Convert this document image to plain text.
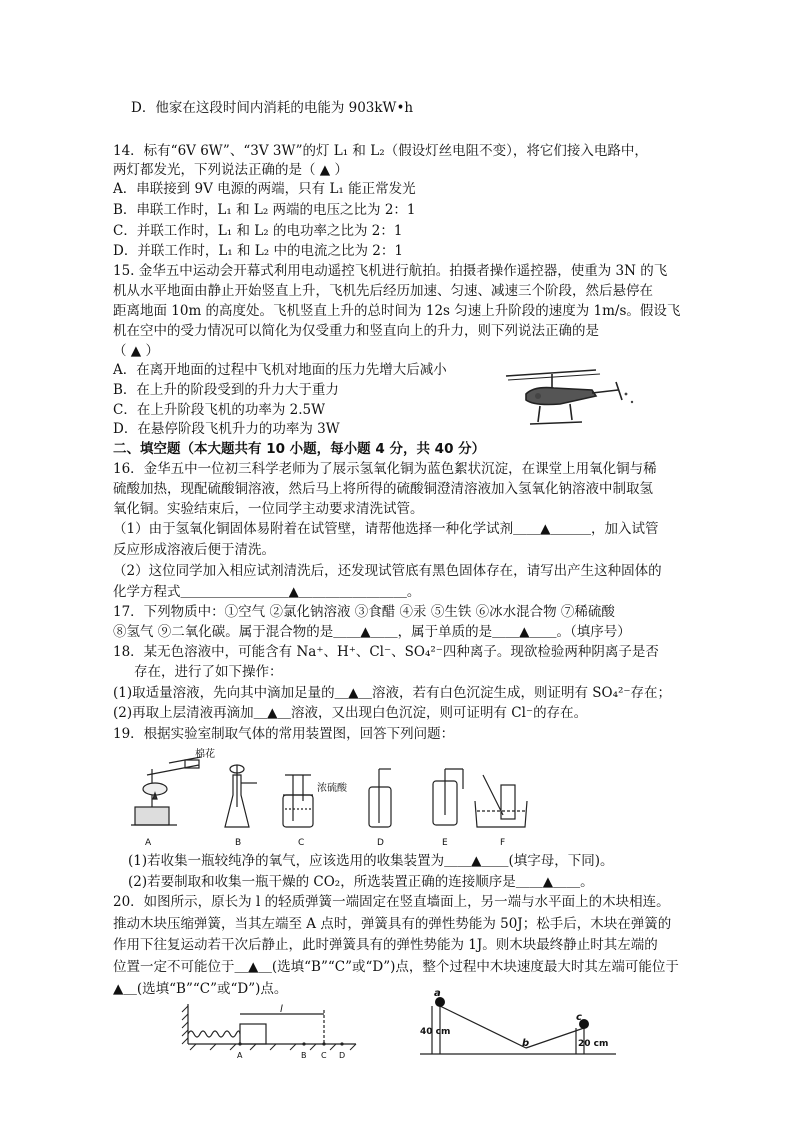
D．他家在这段时间内消耗的电能为 903kW•h
14．标有“6V 6W”、“3V 3W”的灯 L₁ 和 L₂（假设灯丝电阻不变），将它们接入电路中，
两灯都发光，下列说法正确的是（ ▲ ）
A．串联接到 9V 电源的两端，只有 L₁ 能正常发光
B．串联工作时，L₁ 和 L₂ 两端的电压之比为 2：1
C．并联工作时，L₁ 和 L₂ 的电功率之比为 2：1
D．并联工作时，L₁ 和 L₂ 中的电流之比为 2：1
15. 金华五中运动会开幕式利用电动遥控飞机进行航拍。拍摄者操作遥控器，使重为 3N 的飞
机从水平地面由静止开始竖直上升，飞机先后经历加速、匀速、减速三个阶段，然后悬停在
距离地面 10m 的高度处。飞机竖直上升的总时间为 12s 匀速上升阶段的速度为 1m/s。假设飞
机在空中的受力情况可以简化为仅受重力和竖直向上的升力，则下列说法正确的是
（ ▲ ）
A．在离开地面的过程中飞机对地面的压力先增大后减小
B．在上升的阶段受到的升力大于重力
C．在上升阶段飞机的功率为 2.5W
D．在悬停阶段飞机升力的功率为 3W
二、填空题（本大题共有 10 小题，每小题 4 分，共 40 分）
16．金华五中一位初三科学老师为了展示氢氧化铜为蓝色絮状沉淀，在课堂上用氧化铜与稀
硫酸加热，现配硫酸铜溶液，然后马上将所得的硫酸铜澄清溶液加入氢氧化钠溶液中制取氢
氧化铜。实验结束后，一位同学主动要求清洗试管。
（1）由于氢氧化铜固体易附着在试管壁，请帮他选择一种化学试剂＿＿▲＿＿＿，加入试管
反应形成溶液后便于清洗。
（2）这位同学加入相应试剂清洗后，还发现试管底有黑色固体存在，请写出产生这种固体的
化学方程式＿＿＿＿＿＿＿＿▲＿＿＿＿＿＿＿＿。
17．下列物质中：①空气 ②氯化钠溶液 ③食醋 ④汞 ⑤生铁 ⑥冰水混合物 ⑦稀硫酸
⑧氢气 ⑨二氧化碳。属于混合物的是＿＿▲＿＿，属于单质的是＿＿▲＿＿。（填序号）
18．某无色溶液中，可能含有 Na⁺、H⁺、Cl⁻、SO₄²⁻四种离子。现欲检验两种阴离子是否
存在，进行了如下操作：
(1)取适量溶液，先向其中滴加足量的＿▲＿溶液，若有白色沉淀生成，则证明有 SO₄²⁻存在；
(2)再取上层清液再滴加＿▲＿溶液，又出现白色沉淀，则可证明有 Cl⁻的存在。
19．根据实验室制取气体的常用装置图，回答下列问题：
(1)若收集一瓶较纯净的氧气，应该选用的收集装置为＿＿▲＿＿(填字母，下同)。
(2)若要制取和收集一瓶干燥的 CO₂，所选装置正确的连接顺序是＿＿▲＿＿。
20．如图所示，原长为 l 的轻质弹簧一端固定在竖直墙面上，另一端与水平面上的木块相连。
推动木块压缩弹簧，当其左端至 A 点时，弹簧具有的弹性势能为 50J；松手后，木块在弹簧的
作用下往复运动若干次后静止，此时弹簧具有的弹性势能为 1J。则木块最终静止时其左端的
位置一定不可能位于＿▲＿(选填“B”“C”或“D”)点，整个过程中木块速度最大时其左端可能位于
▲＿(选填“B”“C”或“D”)点。
棉花
浓硫酸
A	B	C	D	E	F
l
A	B C D
a
b
c
40 cm
20 cm
